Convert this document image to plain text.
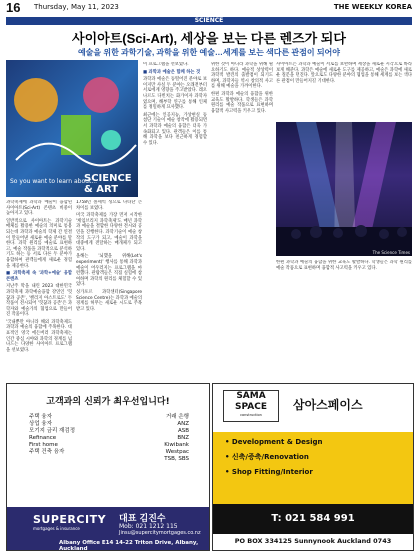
16 Thursday, May 11, 2023	THE WEEKLY KOREA
SCIENCE
사이아트(Sci-Art), 세상을 보는 다른 렌즈가 되다
예술을 위한 과학기술, 과학을 위한 예술…세계를 보는 색다른 관점이 되어야
So you want to learn about...
SCIENCE & ART

과학축제에 과학과 예술이 융합된 사이아트(Sci-Art) 콘텐츠 비중이 높아지고 있다.

일반적으로 사이아트는 과학기술 매체를 활용한 예술의 의미로 통용되는데 과학과 예술의 학제 간 연결이 만들어낸 새로운 예술 분야를 말한다. 과학 원리를 예술로 표현하고, 예술 작품을 과학적으로 분석하기도 하는 등 서로 다른 두 분야가 융합하여 관객들에게 새로운 경험을 제공한다.

■ 과학축제 속 '과학+예술' 융합콘텐츠

지난주 막을 내린 2023 대한민국과학축제 과학예술융합 강연인 '헛꿈과 공존', '챌리지 아스트로도' 두 작품이 전시되어 '헛꿈과 공존'은 과학자와 예술가의 협업으로 만들어진 작품이다.

'국내뿐만 아니라 해외 과학축제도 과학과 예술의 융합에 주목한다. 대표적인 영국 에든버러 과학축제는 인간 중심 시야와 과학의 경계를 넘나드는 다양한 사이아트 프로그램을 선보였다.

1758년 볼셰빅 성으로 나타난 큰 차이를 보였다.

미국 과학축제를 가장 먼저 시작한 '케임브리지 과학축제'도 매년 과학과 예술을 결합한 다양한 전시와 공연을 진행한다. 과학기술이 예술 창작의 도구가 되고, 예술이 과학을 대중에게 전달하는 매개체가 되고 있다.

올해는 '뇌했을 위해(Let's experiment)' 행사를 통해 과학과 예술이 어우러지는 프로그램을 마련했다. 관람객들은 직접 실험에 참여하며 과학의 원리를 체험할 수 있었다.

싱가포르 과학센터(Singapore Science Centre)는 과학과 예술의 경계를 허무는 새로운 시도로 주목받고 있다.

이 프로그램을 선보였다.

■ 과학과 예술은 함께 하는 것

과학과 예술은 동떨어진 분야로 보이지만 사실 두 분야는 오래전부터 서로에게 영향을 주고받았다. 레오나르도 다빈치는 화가이자 과학자였으며, 해부학 연구를 통해 인체를 정밀하게 묘사했다.

최근에는 인공지능, 가상현실 등 첨단 기술이 예술 창작에 활용되면서 과학과 예술의 융합은 더욱 가속화되고 있다. 관객들은 이를 통해 과학을 보다 친근하게 경험할 수 있다.

위한 것이 아니라 과학을 위해 필요하기도 하다. 예술적 상상력이 과학적 발견의 출발점이 되기도 하며, 과학자들 역시 창의적 사고를 위해 예술을 가까이한다.

한편 과학과 예술의 융합을 위한 교육도 활발하다. 학생들은 과학 원리를 예술 작품으로 표현하며 융합적 사고력을 키우고 있다.

사이아트는 과학과 예술이 서로를 보완하며 세상을 새로운 시각으로 바라보게 해준다. 과학은 예술에 새로운 도구를 제공하고, 예술은 과학에 새로운 질문을 던진다. 앞으로도 다양한 분야의 협업을 통해 세계를 보는 색다른 관점이 만들어지길 기대한다.

The Science Times

한편 과학과 예술의 융합을 위한 교육도 활발하다. 학생들은 과학 원리를 예술 작품으로 표현하며 융합적 사고력을 키우고 있다.

고객과의 신뢰가 최우선입니다!
주택 융자	거래 은행
상업 융자	ANZ
모기지 금리 재검정	ASB
Refinance	BNZ
First home	Kiwibank
주택 건축 융자	Westpac
TSB, SBS
SUPERCITY
mortgages & insurance
대표 김진수
Mob: 021 1212 115
Jinsu@supercitymortgages.co.nz
Albany Office E14 14-22 Triton Drive, Albany, Auckland
SAMA
SPACE
construction
삼아스페이스
• Development & Design
• 신축/증축/Renovation
• Shop Fitting/Interior
T: 021 584 991
PO BOX 334125 Sunnynook Auckland 0743
